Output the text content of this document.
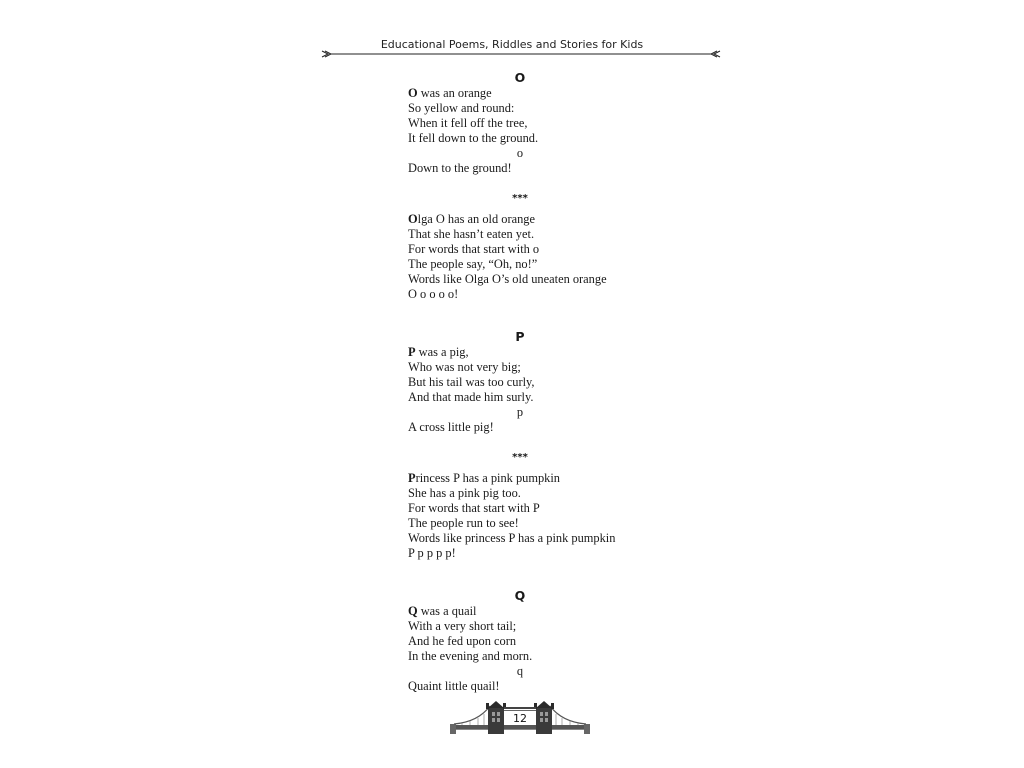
Educational Poems, Riddles and Stories for Kids
O
O was an orange
So yellow and round:
When it fell off the tree,
It fell down to the ground.
o
Down to the ground!
***
Olga O has an old orange
That she hasn’t eaten yet.
For words that start with o
The people say, “Oh, no!”
Words like Olga O’s old uneaten orange
O o o o o!
P
P was a pig,
Who was not very big;
But his tail was too curly,
And that made him surly.
p
A cross little pig!
***
Princess P has a pink pumpkin
She has a pink pig too.
For words that start with P
The people run to see!
Words like princess P has a pink pumpkin
P p p p p!
Q
Q was a quail
With a very short tail;
And he fed upon corn
In the evening and morn.
q
Quaint little quail!
12
